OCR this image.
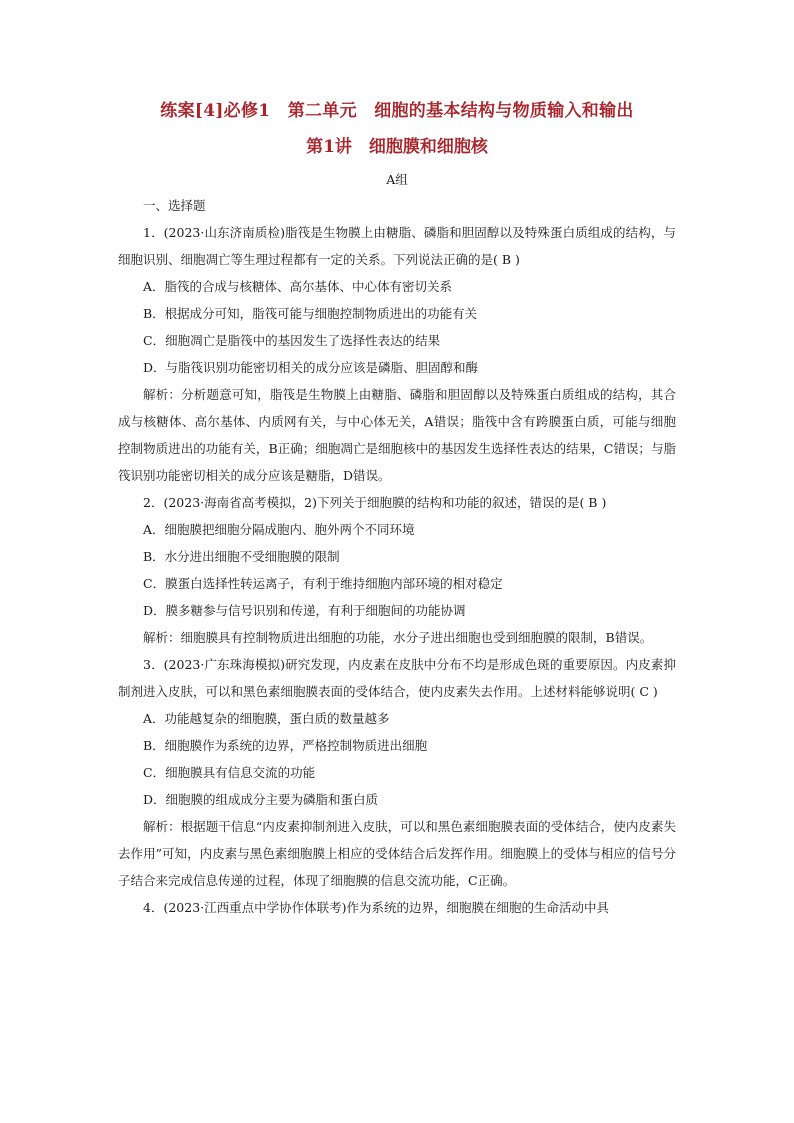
练案[4]必修1　第二单元　细胞的基本结构与物质输入和输出
第1讲　细胞膜和细胞核
A组

一、选择题

1．(2023·山东济南质检)脂筏是生物膜上由糖脂、磷脂和胆固醇以及特殊蛋白质组成的结构，与细胞识别、细胞凋亡等生理过程都有一定的关系。下列说法正确的是( B )

A．脂筏的合成与核糖体、高尔基体、中心体有密切关系

B．根据成分可知，脂筏可能与细胞控制物质进出的功能有关

C．细胞凋亡是脂筏中的基因发生了选择性表达的结果

D．与脂筏识别功能密切相关的成分应该是磷脂、胆固醇和酶

解析：分析题意可知，脂筏是生物膜上由糖脂、磷脂和胆固醇以及特殊蛋白质组成的结构，其合成与核糖体、高尔基体、内质网有关，与中心体无关，A错误；脂筏中含有跨膜蛋白质，可能与细胞控制物质进出的功能有关，B正确；细胞凋亡是细胞核中的基因发生选择性表达的结果，C错误；与脂筏识别功能密切相关的成分应该是糖脂，D错误。

2．(2023·海南省高考模拟，2)下列关于细胞膜的结构和功能的叙述，错误的是( B )

A．细胞膜把细胞分隔成胞内、胞外两个不同环境

B．水分进出细胞不受细胞膜的限制

C．膜蛋白选择性转运离子，有利于维持细胞内部环境的相对稳定

D．膜多糖参与信号识别和传递，有利于细胞间的功能协调

解析：细胞膜具有控制物质进出细胞的功能，水分子进出细胞也受到细胞膜的限制，B错误。

3．(2023·广东珠海模拟)研究发现，内皮素在皮肤中分布不均是形成色斑的重要原因。内皮素抑制剂进入皮肤，可以和黑色素细胞膜表面的受体结合，使内皮素失去作用。上述材料能够说明( C )

A．功能越复杂的细胞膜，蛋白质的数量越多

B．细胞膜作为系统的边界，严格控制物质进出细胞

C．细胞膜具有信息交流的功能

D．细胞膜的组成成分主要为磷脂和蛋白质

解析：根据题干信息“内皮素抑制剂进入皮肤，可以和黑色素细胞膜表面的受体结合，使内皮素失去作用”可知，内皮素与黑色素细胞膜上相应的受体结合后发挥作用。细胞膜上的受体与相应的信号分子结合来完成信息传递的过程，体现了细胞膜的信息交流功能，C正确。

4．(2023·江西重点中学协作体联考)作为系统的边界，细胞膜在细胞的生命活动中具
